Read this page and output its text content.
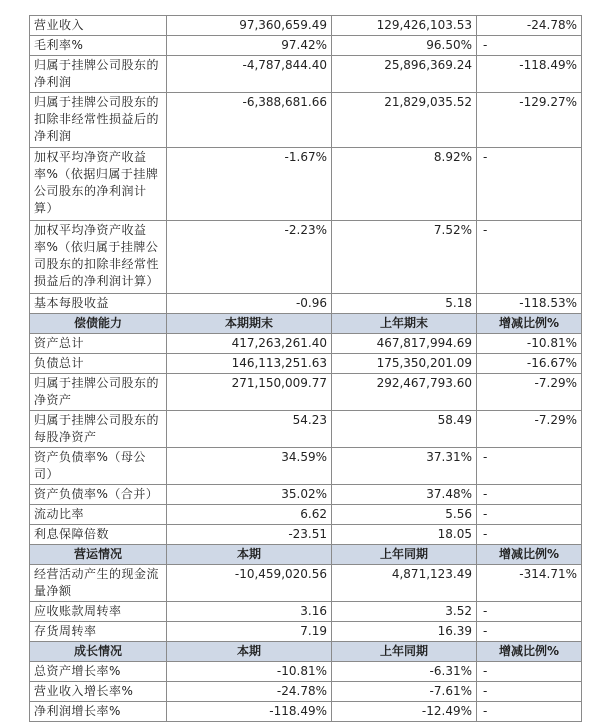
营业收入	97,360,659.49	129,426,103.53	-24.78%
毛利率%	97.42%	96.50%	-
归属于挂牌公司股东的净利润	-4,787,844.40	25,896,369.24	-118.49%
归属于挂牌公司股东的扣除非经常性损益后的净利润	-6,388,681.66	21,829,035.52	-129.27%
加权平均净资产收益率%（依据归属于挂牌公司股东的净利润计算）	-1.67%	8.92%	-
加权平均净资产收益率%（依归属于挂牌公司股东的扣除非经常性损益后的净利润计算）	-2.23%	7.52%	-
基本每股收益	-0.96	5.18	-118.53%
偿债能力	本期期末	上年期末	增减比例%
资产总计	417,263,261.40	467,817,994.69	-10.81%
负债总计	146,113,251.63	175,350,201.09	-16.67%
归属于挂牌公司股东的净资产	271,150,009.77	292,467,793.60	-7.29%
归属于挂牌公司股东的每股净资产	54.23	58.49	-7.29%
资产负债率%（母公司）	34.59%	37.31%	-
资产负债率%（合并）	35.02%	37.48%	-
流动比率	6.62	5.56	-
利息保障倍数	-23.51	18.05	-
营运情况	本期	上年同期	增减比例%
经营活动产生的现金流量净额	-10,459,020.56	4,871,123.49	-314.71%
应收账款周转率	3.16	3.52	-
存货周转率	7.19	16.39	-
成长情况	本期	上年同期	增减比例%
总资产增长率%	-10.81%	-6.31%	-
营业收入增长率%	-24.78%	-7.61%	-
净利润增长率%	-118.49%	-12.49%	-
